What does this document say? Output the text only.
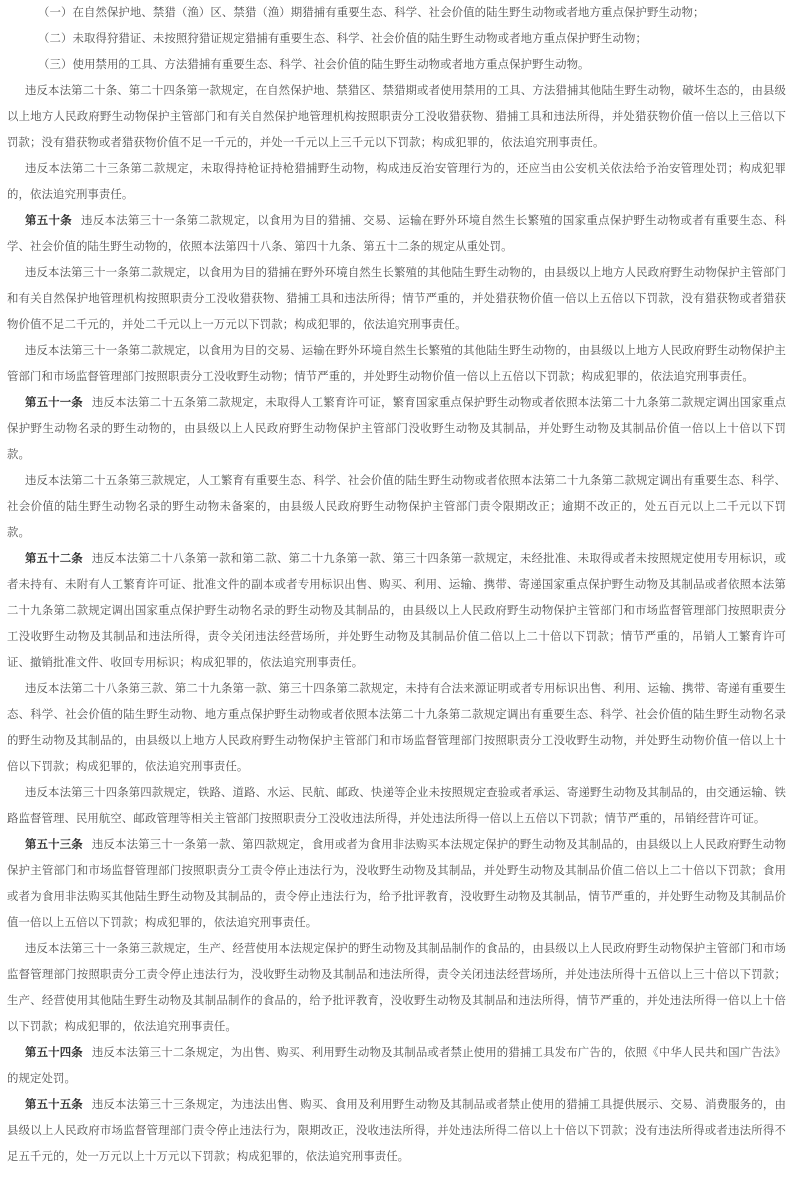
（一）在自然保护地、禁猎（渔）区、禁猎（渔）期猎捕有重要生态、科学、社会价值的陆生野生动物或者地方重点保护野生动物；

（二）未取得狩猎证、未按照狩猎证规定猎捕有重要生态、科学、社会价值的陆生野生动物或者地方重点保护野生动物；

（三）使用禁用的工具、方法猎捕有重要生态、科学、社会价值的陆生野生动物或者地方重点保护野生动物。

违反本法第二十条、第二十四条第一款规定，在自然保护地、禁猎区、禁猎期或者使用禁用的工具、方法猎捕其他陆生野生动物，破坏生态的，由县级以上地方人民政府野生动物保护主管部门和有关自然保护地管理机构按照职责分工没收猎获物、猎捕工具和违法所得，并处猎获物价值一倍以上三倍以下罚款；没有猎获物或者猎获物价值不足一千元的，并处一千元以上三千元以下罚款；构成犯罪的，依法追究刑事责任。

违反本法第二十三条第二款规定，未取得持枪证持枪猎捕野生动物，构成违反治安管理行为的，还应当由公安机关依法给予治安管理处罚；构成犯罪的，依法追究刑事责任。

第五十条 违反本法第三十一条第二款规定，以食用为目的猎捕、交易、运输在野外环境自然生长繁殖的国家重点保护野生动物或者有重要生态、科学、社会价值的陆生野生动物的，依照本法第四十八条、第四十九条、第五十二条的规定从重处罚。

违反本法第三十一条第二款规定，以食用为目的猎捕在野外环境自然生长繁殖的其他陆生野生动物的，由县级以上地方人民政府野生动物保护主管部门和有关自然保护地管理机构按照职责分工没收猎获物、猎捕工具和违法所得；情节严重的，并处猎获物价值一倍以上五倍以下罚款，没有猎获物或者猎获物价值不足二千元的，并处二千元以上一万元以下罚款；构成犯罪的，依法追究刑事责任。

违反本法第三十一条第二款规定，以食用为目的交易、运输在野外环境自然生长繁殖的其他陆生野生动物的，由县级以上地方人民政府野生动物保护主管部门和市场监督管理部门按照职责分工没收野生动物；情节严重的，并处野生动物价值一倍以上五倍以下罚款；构成犯罪的，依法追究刑事责任。

第五十一条 违反本法第二十五条第二款规定，未取得人工繁育许可证，繁育国家重点保护野生动物或者依照本法第二十九条第二款规定调出国家重点保护野生动物名录的野生动物的，由县级以上人民政府野生动物保护主管部门没收野生动物及其制品，并处野生动物及其制品价值一倍以上十倍以下罚款。

违反本法第二十五条第三款规定，人工繁育有重要生态、科学、社会价值的陆生野生动物或者依照本法第二十九条第二款规定调出有重要生态、科学、社会价值的陆生野生动物名录的野生动物未备案的，由县级人民政府野生动物保护主管部门责令限期改正；逾期不改正的，处五百元以上二千元以下罚款。

第五十二条 违反本法第二十八条第一款和第二款、第二十九条第一款、第三十四条第一款规定，未经批准、未取得或者未按照规定使用专用标识，或者未持有、未附有人工繁育许可证、批准文件的副本或者专用标识出售、购买、利用、运输、携带、寄递国家重点保护野生动物及其制品或者依照本法第二十九条第二款规定调出国家重点保护野生动物名录的野生动物及其制品的，由县级以上人民政府野生动物保护主管部门和市场监督管理部门按照职责分工没收野生动物及其制品和违法所得，责令关闭违法经营场所，并处野生动物及其制品价值二倍以上二十倍以下罚款；情节严重的，吊销人工繁育许可证、撤销批准文件、收回专用标识；构成犯罪的，依法追究刑事责任。

违反本法第二十八条第三款、第二十九条第一款、第三十四条第二款规定，未持有合法来源证明或者专用标识出售、利用、运输、携带、寄递有重要生态、科学、社会价值的陆生野生动物、地方重点保护野生动物或者依照本法第二十九条第二款规定调出有重要生态、科学、社会价值的陆生野生动物名录的野生动物及其制品的，由县级以上地方人民政府野生动物保护主管部门和市场监督管理部门按照职责分工没收野生动物，并处野生动物价值一倍以上十倍以下罚款；构成犯罪的，依法追究刑事责任。

违反本法第三十四条第四款规定，铁路、道路、水运、民航、邮政、快递等企业未按照规定查验或者承运、寄递野生动物及其制品的，由交通运输、铁路监督管理、民用航空、邮政管理等相关主管部门按照职责分工没收违法所得，并处违法所得一倍以上五倍以下罚款；情节严重的，吊销经营许可证。

第五十三条 违反本法第三十一条第一款、第四款规定，食用或者为食用非法购买本法规定保护的野生动物及其制品的，由县级以上人民政府野生动物保护主管部门和市场监督管理部门按照职责分工责令停止违法行为，没收野生动物及其制品，并处野生动物及其制品价值二倍以上二十倍以下罚款；食用或者为食用非法购买其他陆生野生动物及其制品的，责令停止违法行为，给予批评教育，没收野生动物及其制品，情节严重的，并处野生动物及其制品价值一倍以上五倍以下罚款；构成犯罪的，依法追究刑事责任。

违反本法第三十一条第三款规定，生产、经营使用本法规定保护的野生动物及其制品制作的食品的，由县级以上人民政府野生动物保护主管部门和市场监督管理部门按照职责分工责令停止违法行为，没收野生动物及其制品和违法所得，责令关闭违法经营场所，并处违法所得十五倍以上三十倍以下罚款；生产、经营使用其他陆生野生动物及其制品制作的食品的，给予批评教育，没收野生动物及其制品和违法所得，情节严重的，并处违法所得一倍以上十倍以下罚款；构成犯罪的，依法追究刑事责任。

第五十四条 违反本法第三十二条规定，为出售、购买、利用野生动物及其制品或者禁止使用的猎捕工具发布广告的，依照《中华人民共和国广告法》的规定处罚。

第五十五条 违反本法第三十三条规定，为违法出售、购买、食用及利用野生动物及其制品或者禁止使用的猎捕工具提供展示、交易、消费服务的，由县级以上人民政府市场监督管理部门责令停止违法行为，限期改正，没收违法所得，并处违法所得二倍以上十倍以下罚款；没有违法所得或者违法所得不足五千元的，处一万元以上十万元以下罚款；构成犯罪的，依法追究刑事责任。
